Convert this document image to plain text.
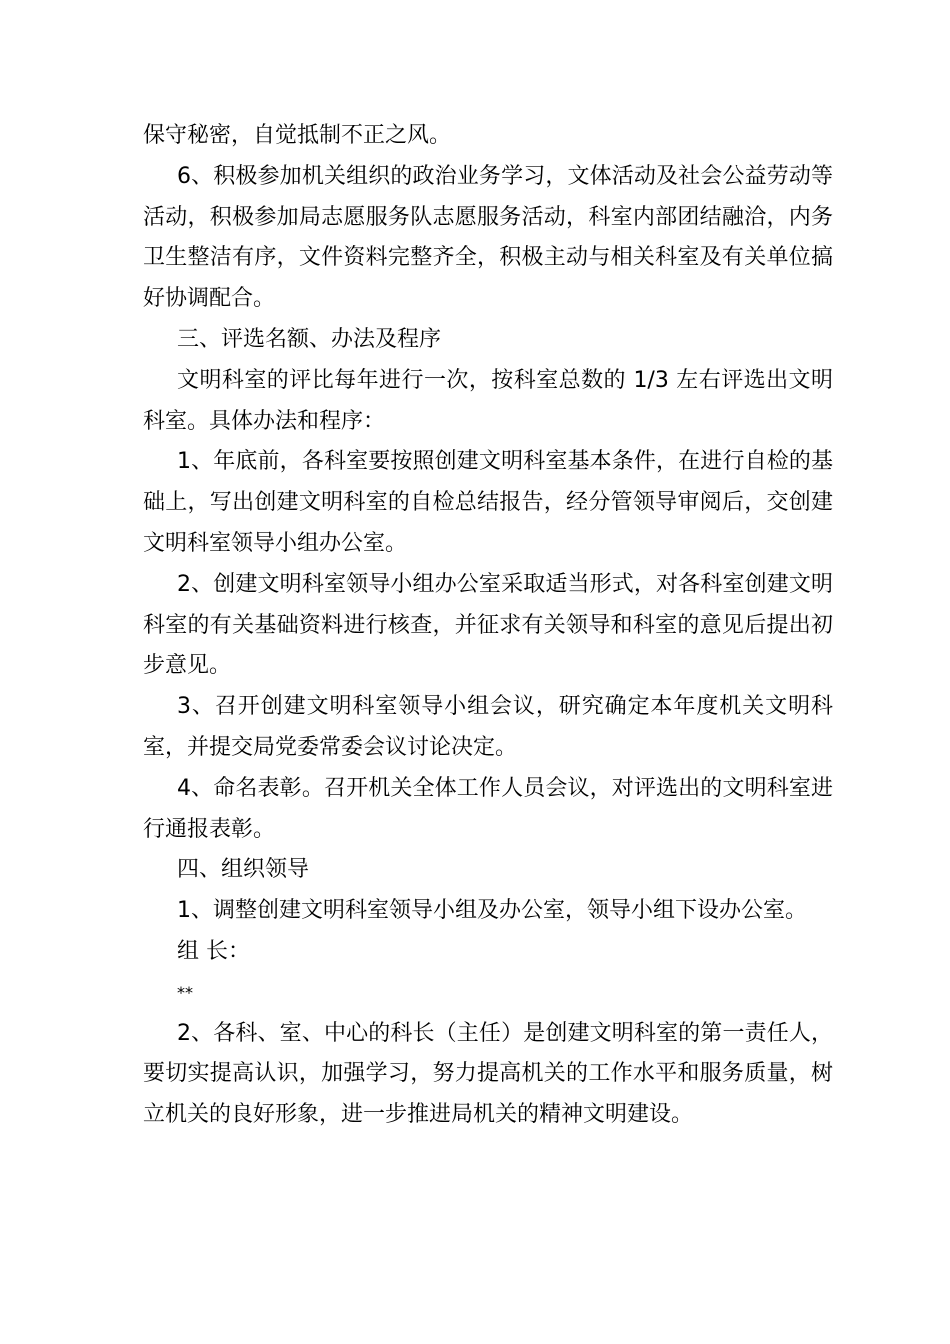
保守秘密，自觉抵制不正之风。

6、积极参加机关组织的政治业务学习，文体活动及社会公益劳动等活动，积极参加局志愿服务队志愿服务活动，科室内部团结融洽，内务卫生整洁有序，文件资料完整齐全，积极主动与相关科室及有关单位搞好协调配合。

三、评选名额、办法及程序

文明科室的评比每年进行一次，按科室总数的 1/3 左右评选出文明科室。具体办法和程序：

1、年底前，各科室要按照创建文明科室基本条件，在进行自检的基础上，写出创建文明科室的自检总结报告，经分管领导审阅后，交创建文明科室领导小组办公室。

2、创建文明科室领导小组办公室采取适当形式，对各科室创建文明科室的有关基础资料进行核查，并征求有关领导和科室的意见后提出初步意见。

3、召开创建文明科室领导小组会议，研究确定本年度机关文明科室，并提交局党委常委会议讨论决定。

4、命名表彰。召开机关全体工作人员会议，对评选出的文明科室进行通报表彰。

四、组织领导

1、调整创建文明科室领导小组及办公室，领导小组下设办公室。

组 长：

**

2、各科、室、中心的科长（主任）是创建文明科室的第一责任人，要切实提高认识，加强学习，努力提高机关的工作水平和服务质量，树立机关的良好形象，进一步推进局机关的精神文明建设。
